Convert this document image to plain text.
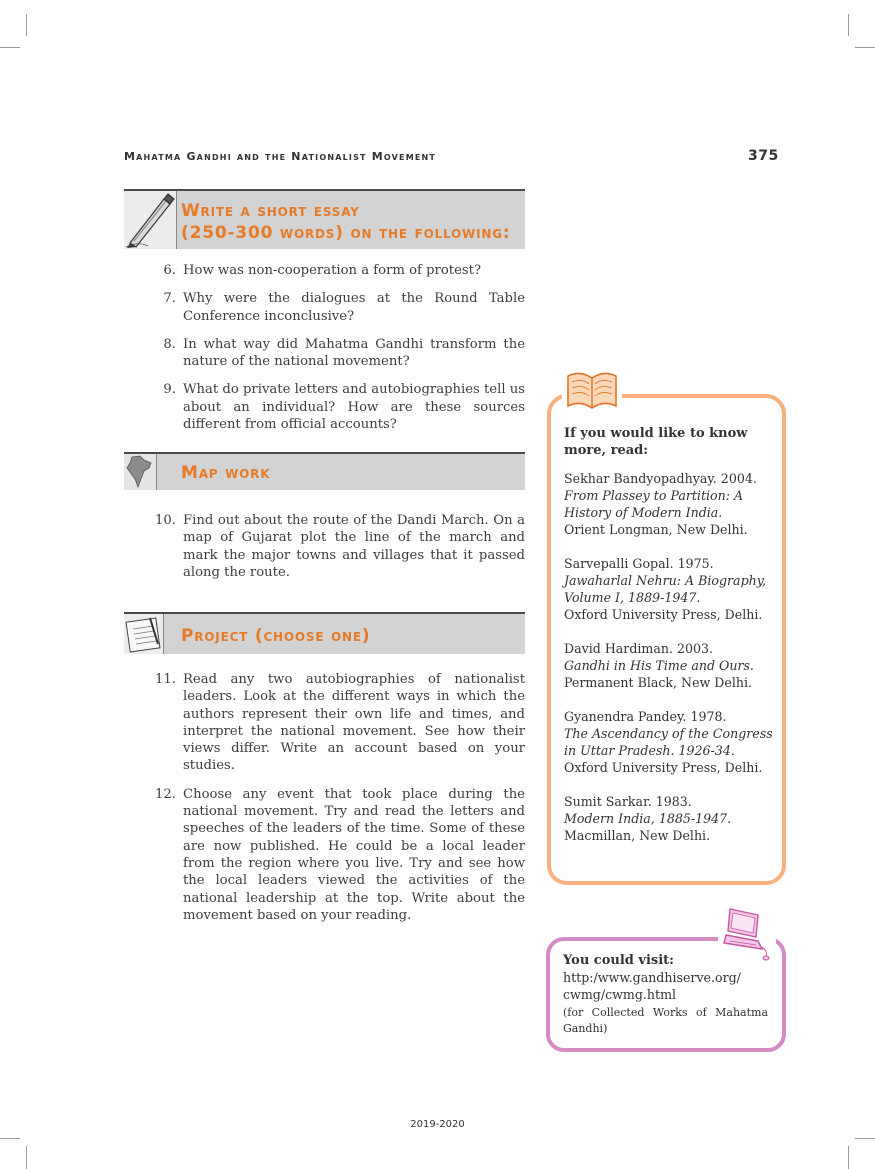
Mahatma Gandhi and the Nationalist Movement	375
Write a short essay
(250-300 words) on the following:
6. How was non-cooperation a form of protest?
7. Why were the dialogues at the Round Table Conference inconclusive?
8. In what way did Mahatma Gandhi transform the nature of the national movement?
9. What do private letters and autobiographies tell us about an individual? How are these sources different from official accounts?
Map work
10. Find out about the route of the Dandi March. On a map of Gujarat plot the line of the march and mark the major towns and villages that it passed along the route.
Project (choose one)
11. Read any two autobiographies of nationalist leaders. Look at the different ways in which the authors represent their own life and times, and interpret the national movement. See how their views differ. Write an account based on your studies.
12. Choose any event that took place during the national movement. Try and read the letters and speeches of the leaders of the time. Some of these are now published. He could be a local leader from the region where you live. Try and see how the local leaders viewed the activities of the national leadership at the top. Write about the movement based on your reading.
If you would like to know more, read:
Sekhar Bandyopadhyay. 2004.
From Plassey to Partition: A History of Modern India.
Orient Longman, New Delhi.
Sarvepalli Gopal. 1975.
Jawaharlal Nehru: A Biography, Volume I, 1889-1947.
Oxford University Press, Delhi.
David Hardiman. 2003.
Gandhi in His Time and Ours.
Permanent Black, New Delhi.
Gyanendra Pandey. 1978.
The Ascendancy of the Congress in Uttar Pradesh. 1926-34.
Oxford University Press, Delhi.
Sumit Sarkar. 1983.
Modern India, 1885-1947.
Macmillan, New Delhi.
You could visit:
http:/www.gandhiserve.org/cwmg/cwmg.html
(for Collected Works of Mahatma Gandhi)
2019-2020
